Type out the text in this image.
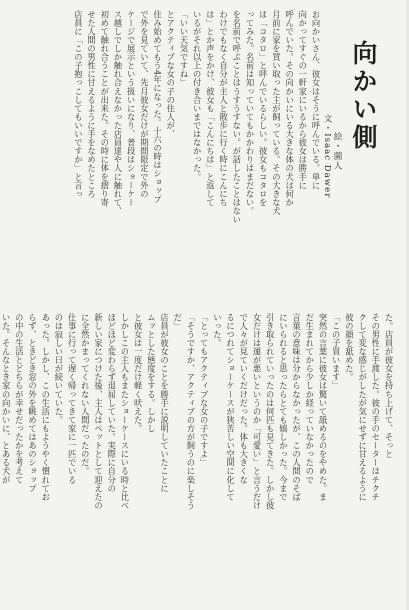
向かい側
文・Isaac Dawer 絵・薗人
お向かいさん、彼女はそうに呼んでいる。単に
向かってすぐの一軒家にいるから彼女は勝手に
呼んでいた。その向かいにいる大きな体の犬は何か
月前に家を買い取った主が飼っている。その大きな犬
は「コタロ」と呼んでいるらしい。彼女もコタロを
ってみた。名前は知っていてもかかわりはまだない。
を名前で呼ぶことはうすうすない。が話したことはない
わけでもなく自分が主人と散歩に行く時にこんにち
は」とか声をかけ、彼女も「こんにちは」と返して
いるがそれ以上の付き合いまではなかった。
「いい天気ですね」
とアクティブな女の子の住人が、
住み始めてもう4年になった。十六の時はショップ
で外を見ていて、先月彼女だけが期間限定で外の
ケージで展示という扱いになり、普段はショーケー
ス越しでしか触れ合えなかった店員達や人に触れて、
初めて触れ合うことが出来た。その時に体を摺り寄
せた人間の男性に甘えるように手をなめたところ
店員に「この子抱っこしてもいいですか」と言っ
た。店員が彼女を持ち上げて、そっと
その男性に手渡した。彼の手のセーターはチクチ
クして変な感じがしたが気にせずに甘えるように
彼の顔を舐めた。
「この子買います」
突然の言葉に彼女は驚いて舐めるのをやめた。ま
だ生まれてから少しか経っていなかったので
言葉の意味は分からなかったが、この人間のそば
にいられると思ったらとても嬉しかった。今まで
引き取られていったのは何匹も見てきた。しかし彼
女だけは運が悪いというのか「可愛い」と言うだけ
で人々が見ていくだけだった。体も大きくな
るにつれてショーケースが狭苦しい空間に化して
いった。
「とってもアクティブな女の子ですよ」
「そうですか、アクティブの方が飼うのに楽しそう
だ」
店員が彼女のことを勝手に説明していたことに
ムッとした態度をする。しかし
と彼女は一度だけ軽く吠えた。
しかしこの主人もまたショーケースにいる時と比べ
ほどほど変わらず退屈していた。実際に自分の
新しい家につけた後、主人はペットとして迎えたの
に全然かまってくれない人間だったのだ。
仕事に行って遅く帰ってきて家に一匹でいる
のは寂しい日が続いていた。
あった。しかし、この生活にもようやく慣れてお
らず、ときどき窓の外を眺めてはあのショップ
の中の生活とどちらが幸せだったかを考えて
いた。そんなとき家の向かいに、とある犬が
